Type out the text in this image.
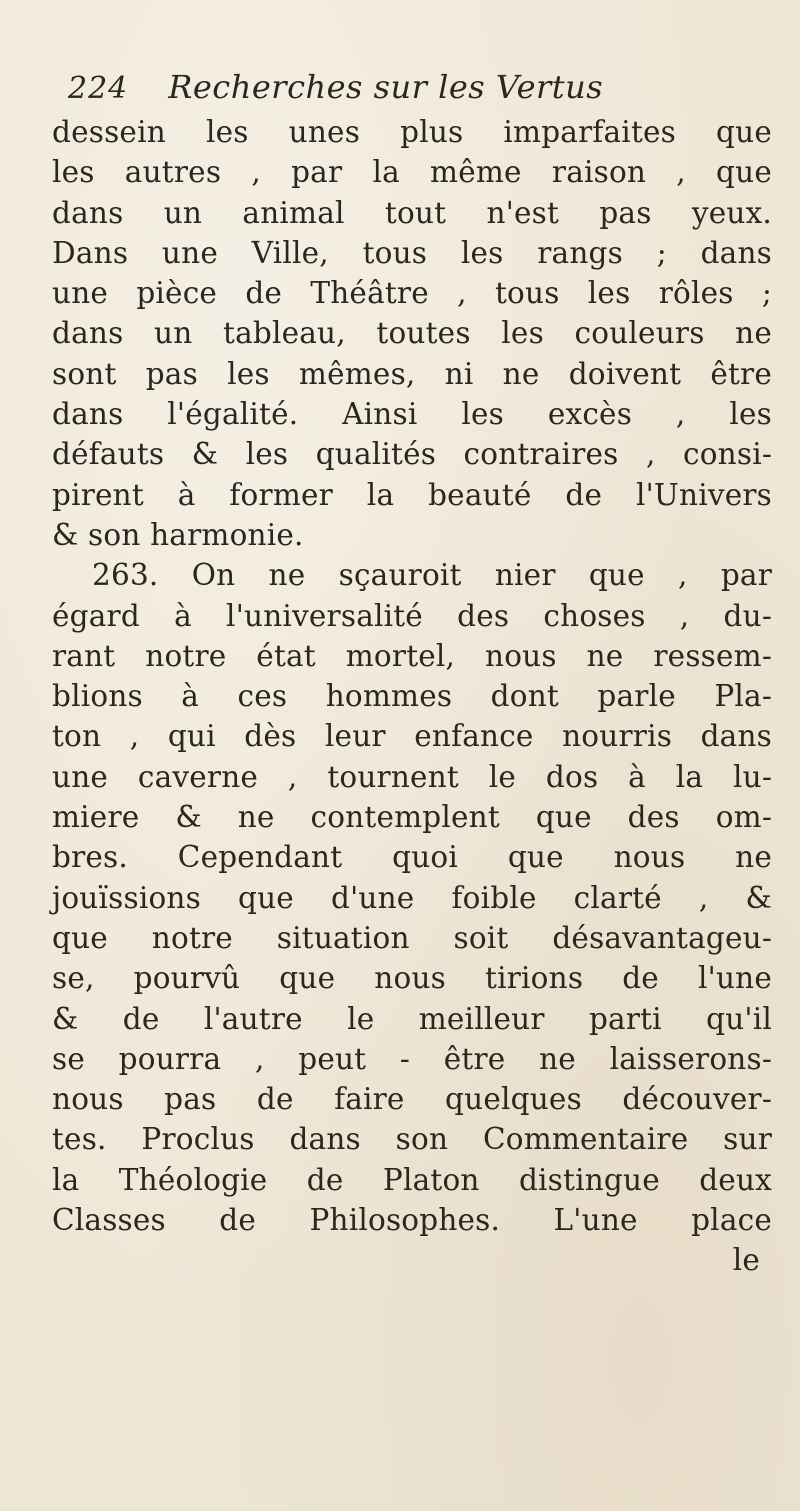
224 Recherches sur les Vertus
dessein les unes plus imparfaites que
les autres , par la même raison , que
dans un animal tout n'est pas yeux.
Dans une Ville, tous les rangs ; dans
une pièce de Théâtre , tous les rôles ;
dans un tableau, toutes les couleurs ne
sont pas les mêmes, ni ne doivent être
dans l'égalité. Ainsi les excès , les
défauts & les qualités contraires , consi-
pirent à former la beauté de l'Univers
& son harmonie.
263. On ne sçauroit nier que , par
égard à l'universalité des choses , du-
rant notre état mortel, nous ne ressem-
blions à ces hommes dont parle Pla-
ton , qui dès leur enfance nourris dans
une caverne , tournent le dos à la lu-
miere & ne contemplent que des om-
bres. Cependant quoi que nous ne
jouïssions que d'une foible clarté , &
que notre situation soit désavantageu-
se, pourvû que nous tirions de l'une
& de l'autre le meilleur parti qu'il
se pourra , peut - être ne laisserons-
nous pas de faire quelques découver-
tes. Proclus dans son Commentaire sur
la Théologie de Platon distingue deux
Classes de Philosophes. L'une place
le
